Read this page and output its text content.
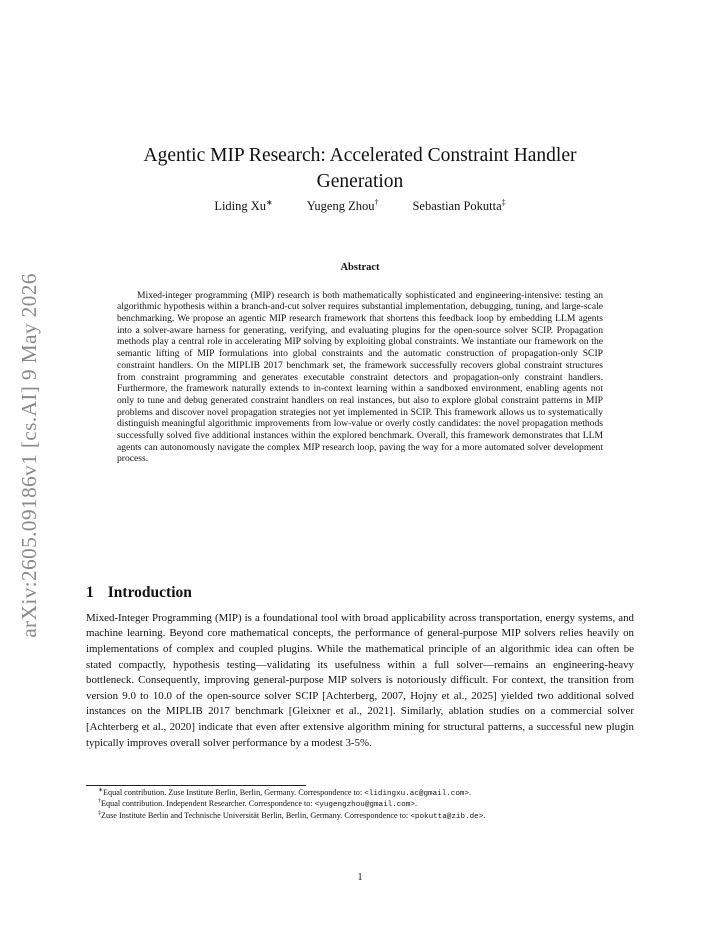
arXiv:2605.09186v1 [cs.AI] 9 May 2026
Agentic MIP Research: Accelerated Constraint Handler Generation
Liding Xu∗	Yugeng Zhou†	Sebastian Pokutta‡
Abstract

Mixed-integer programming (MIP) research is both mathematically sophisticated and engineering-intensive: testing an algorithmic hypothesis within a branch-and-cut solver requires substantial implementation, debugging, tuning, and large-scale benchmarking. We propose an agentic MIP research framework that shortens this feedback loop by embedding LLM agents into a solver-aware harness for generating, verifying, and evaluating plugins for the open-source solver SCIP. Propagation methods play a central role in accelerating MIP solving by exploiting global constraints. We instantiate our framework on the semantic lifting of MIP formulations into global constraints and the automatic construction of propagation-only SCIP constraint handlers. On the MIPLIB 2017 benchmark set, the framework successfully recovers global constraint structures from constraint programming and generates executable constraint detectors and propagation-only constraint handlers. Furthermore, the framework naturally extends to in-context learning within a sandboxed environment, enabling agents not only to tune and debug generated constraint handlers on real instances, but also to explore global constraint patterns in MIP problems and discover novel propagation strategies not yet implemented in SCIP. This framework allows us to systematically distinguish meaningful algorithmic improvements from low-value or overly costly candidates: the novel propagation methods successfully solved five additional instances within the explored benchmark. Overall, this framework demonstrates that LLM agents can autonomously navigate the complex MIP research loop, paving the way for a more automated solver development process.

1 Introduction

Mixed-Integer Programming (MIP) is a foundational tool with broad applicability across transportation, energy systems, and machine learning. Beyond core mathematical concepts, the performance of general-purpose MIP solvers relies heavily on implementations of complex and coupled plugins. While the mathematical principle of an algorithmic idea can often be stated compactly, hypothesis testing—validating its usefulness within a full solver—remains an engineering-heavy bottleneck. Consequently, improving general-purpose MIP solvers is notoriously difficult. For context, the transition from version 9.0 to 10.0 of the open-source solver SCIP [Achterberg, 2007, Hojny et al., 2025] yielded two additional solved instances on the MIPLIB 2017 benchmark [Gleixner et al., 2021]. Similarly, ablation studies on a commercial solver [Achterberg et al., 2020] indicate that even after extensive algorithm mining for structural patterns, a successful new plugin typically improves overall solver performance by a modest 3-5%.

∗Equal contribution. Zuse Institute Berlin, Berlin, Germany. Correspondence to: <lidingxu.ac@gmail.com>.

†Equal contribution. Independent Researcher. Correspondence to: <yugengzhou@gmail.com>.

‡Zuse Institute Berlin and Technische Universität Berlin, Berlin, Germany. Correspondence to: <pokutta@zib.de>.

1
